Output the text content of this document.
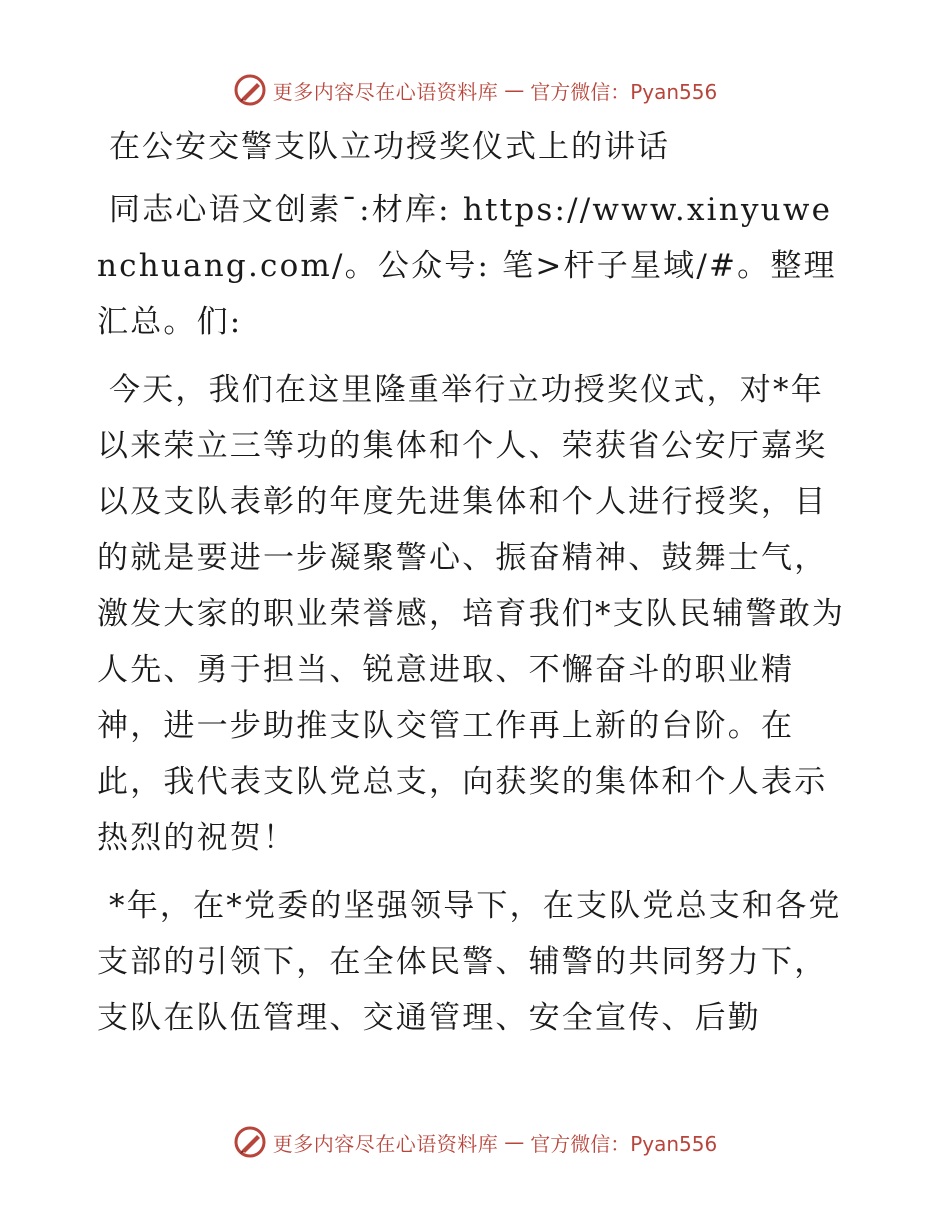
更多内容尽在心语资料库 — 官方微信：Pyan556
在公安交警支队立功授奖仪式上的讲话

同志心语文创素¯:材库: https://www.xinyuwenchuang.com/。公众号: 笔>杆子星域/#。整理汇总。们:

今天，我们在这里隆重举行立功授奖仪式，对*年以来荣立三等功的集体和个人、荣获省公安厅嘉奖以及支队表彰的年度先进集体和个人进行授奖，目的就是要进一步凝聚警心、振奋精神、鼓舞士气，激发大家的职业荣誉感，培育我们*支队民辅警敢为人先、勇于担当、锐意进取、不懈奋斗的职业精神，进一步助推支队交管工作再上新的台阶。在此，我代表支队党总支，向获奖的集体和个人表示热烈的祝贺！

*年，在*党委的坚强领导下，在支队党总支和各党支部的引领下，在全体民警、辅警的共同努力下，支队在队伍管理、交通管理、安全宣传、后勤

更多内容尽在心语资料库 — 官方微信：Pyan556
